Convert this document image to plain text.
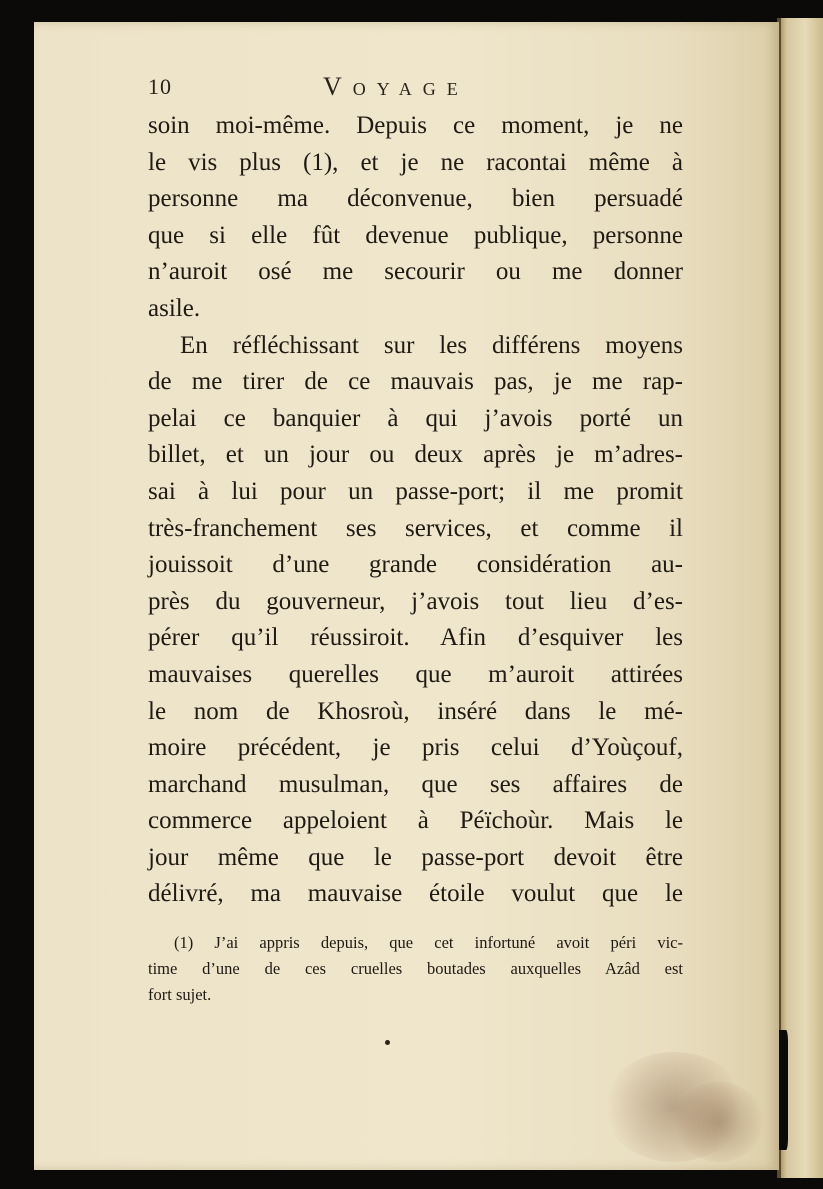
10	Voyage
soin moi-même. Depuis ce moment, je ne
le vis plus (1), et je ne racontai même à
personne ma déconvenue, bien persuadé
que si elle fût devenue publique, personne
n’auroit osé me secourir ou me donner
asile.
En réfléchissant sur les différens moyens
de me tirer de ce mauvais pas, je me rap-
pelai ce banquier à qui j’avois porté un
billet, et un jour ou deux après je m’adres-
sai à lui pour un passe-port; il me promit
très-franchement ses services, et comme il
jouissoit d’une grande considération au-
près du gouverneur, j’avois tout lieu d’es-
pérer qu’il réussiroit. Afin d’esquiver les
mauvaises querelles que m’auroit attirées
le nom de Khosroù, inséré dans le mé-
moire précédent, je pris celui d’Yoùçouf,
marchand musulman, que ses affaires de
commerce appeloient à Péïchoùr. Mais le
jour même que le passe-port devoit être
délivré, ma mauvaise étoile voulut que le
(1) J’ai appris depuis, que cet infortuné avoit péri vic-
time d’une de ces cruelles boutades auxquelles Azâd est
fort sujet.
